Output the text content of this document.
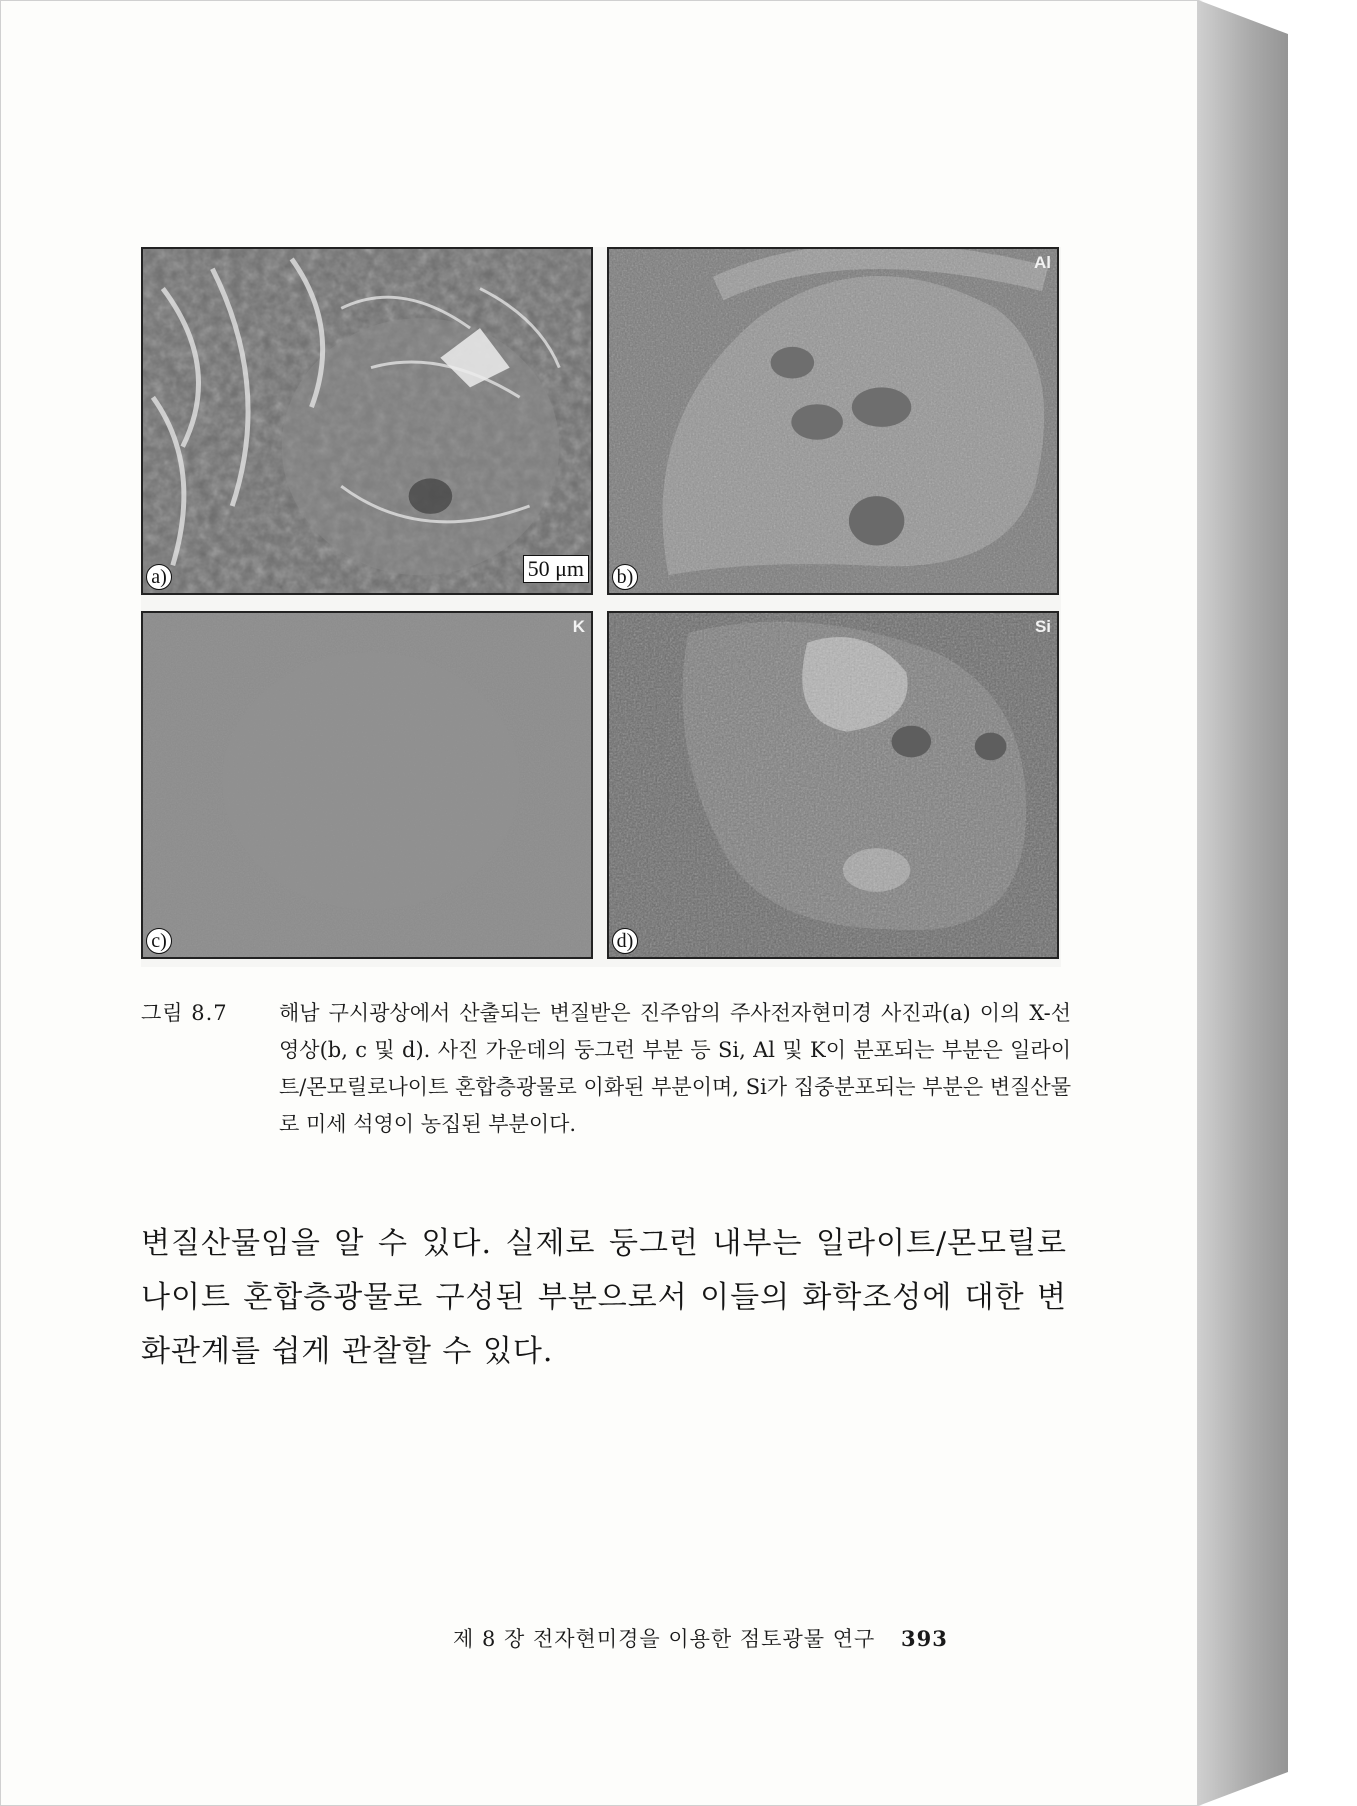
50 μm
a)
Al
b)
K
c)
Si
d)
그림 8.7	해남 구시광상에서 산출되는 변질받은 진주암의 주사전자현미경 사진과(a) 이의 X-선 영상(b, c 및 d). 사진 가운데의 둥그런 부분 등 Si, Al 및 K이 분포되는 부분은 일라이트/몬모릴로나이트 혼합층광물로 이화된 부분이며, Si가 집중분포되는 부분은 변질산물로 미세 석영이 농집된 부분이다.
변질산물임을 알 수 있다. 실제로 둥그런 내부는 일라이트/몬모릴로나이트 혼합층광물로 구성된 부분으로서 이들의 화학조성에 대한 변화관계를 쉽게 관찰할 수 있다.
제 8 장 전자현미경을 이용한 점토광물 연구 393
